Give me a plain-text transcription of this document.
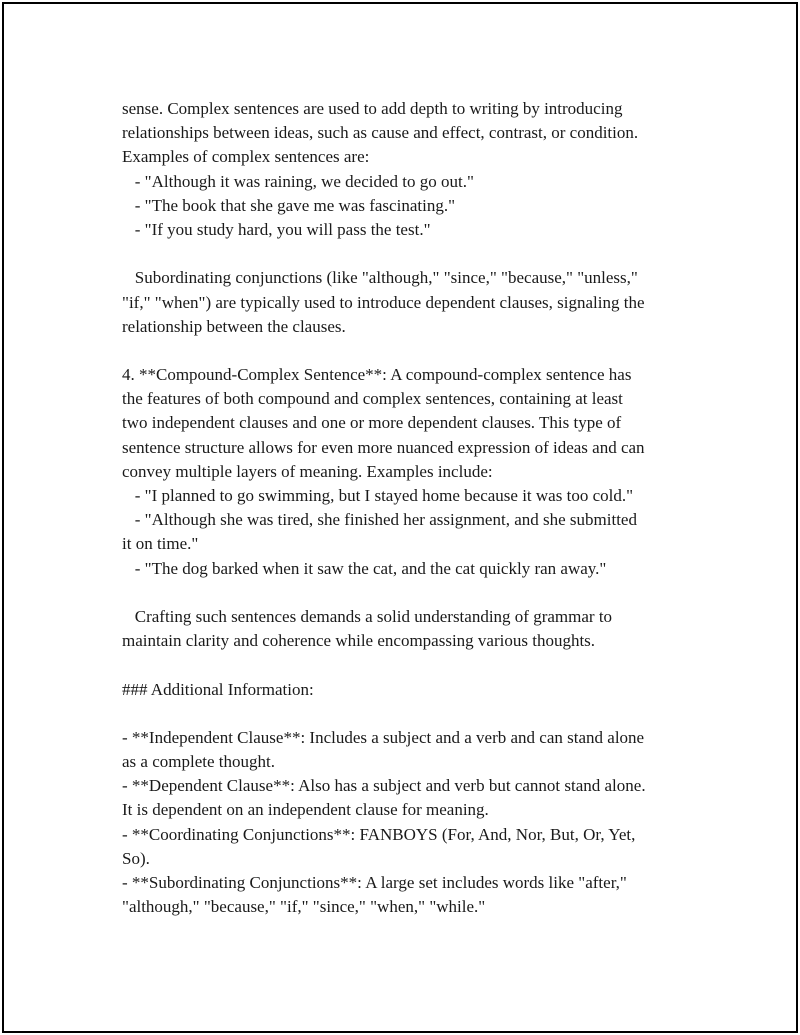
sense. Complex sentences are used to add depth to writing by introducing
relationships between ideas, such as cause and effect, contrast, or condition.
Examples of complex sentences are:
- "Although it was raining, we decided to go out."
- "The book that she gave me was fascinating."
- "If you study hard, you will pass the test."
Subordinating conjunctions (like "although," "since," "because," "unless,"
"if," "when") are typically used to introduce dependent clauses, signaling the
relationship between the clauses.
4. **Compound-Complex Sentence**: A compound-complex sentence has
the features of both compound and complex sentences, containing at least
two independent clauses and one or more dependent clauses. This type of
sentence structure allows for even more nuanced expression of ideas and can
convey multiple layers of meaning. Examples include:
- "I planned to go swimming, but I stayed home because it was too cold."
- "Although she was tired, she finished her assignment, and she submitted
it on time."
- "The dog barked when it saw the cat, and the cat quickly ran away."
Crafting such sentences demands a solid understanding of grammar to
maintain clarity and coherence while encompassing various thoughts.
### Additional Information:
- **Independent Clause**: Includes a subject and a verb and can stand alone
as a complete thought.
- **Dependent Clause**: Also has a subject and verb but cannot stand alone.
It is dependent on an independent clause for meaning.
- **Coordinating Conjunctions**: FANBOYS (For, And, Nor, But, Or, Yet,
So).
- **Subordinating Conjunctions**: A large set includes words like "after,"
"although," "because," "if," "since," "when," "while."
